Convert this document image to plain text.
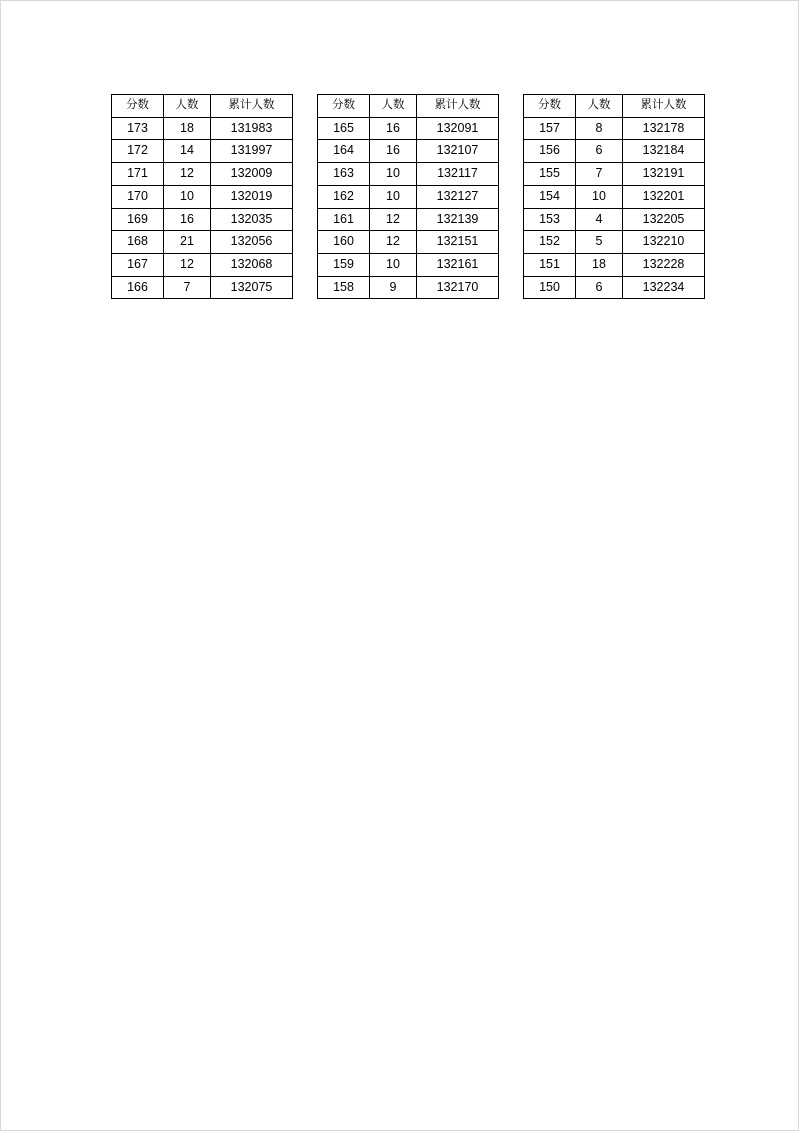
分数	人数	累计人数
173	18	131983
172	14	131997
171	12	132009
170	10	132019
169	16	132035
168	21	132056
167	12	132068
166	7	132075
分数	人数	累计人数
165	16	132091
164	16	132107
163	10	132117
162	10	132127
161	12	132139
160	12	132151
159	10	132161
158	9	132170
分数	人数	累计人数
157	8	132178
156	6	132184
155	7	132191
154	10	132201
153	4	132205
152	5	132210
151	18	132228
150	6	132234
